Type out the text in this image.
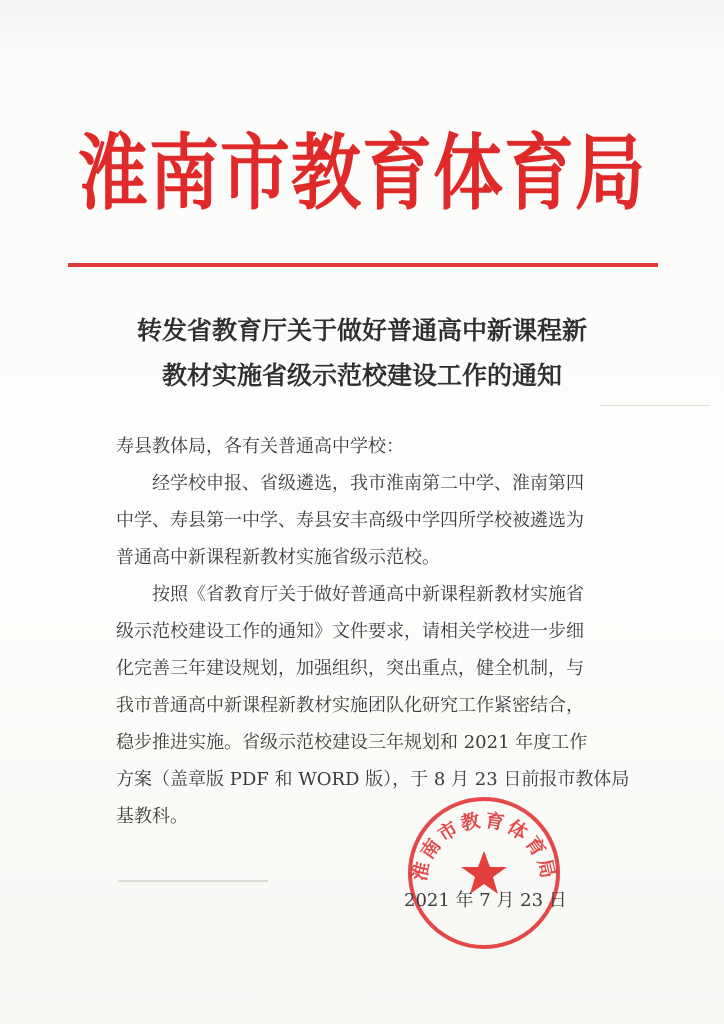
淮南市教育体育局
转发省教育厅关于做好普通高中新课程新
教材实施省级示范校建设工作的通知

寿县教体局，各有关普通高中学校：

经学校申报、省级遴选，我市淮南第二中学、淮南第四

中学、寿县第一中学、寿县安丰高级中学四所学校被遴选为

普通高中新课程新教材实施省级示范校。

按照《省教育厅关于做好普通高中新课程新教材实施省

级示范校建设工作的通知》文件要求，请相关学校进一步细

化完善三年建设规划，加强组织，突出重点，健全机制，与

我市普通高中新课程新教材实施团队化研究工作紧密结合，

稳步推进实施。省级示范校建设三年规划和 2021 年度工作

方案（盖章版 PDF 和 WORD 版），于 8 月 23 日前报市教体局

基教科。

淮南市教育体育局
2021 年 7 月 23 日
